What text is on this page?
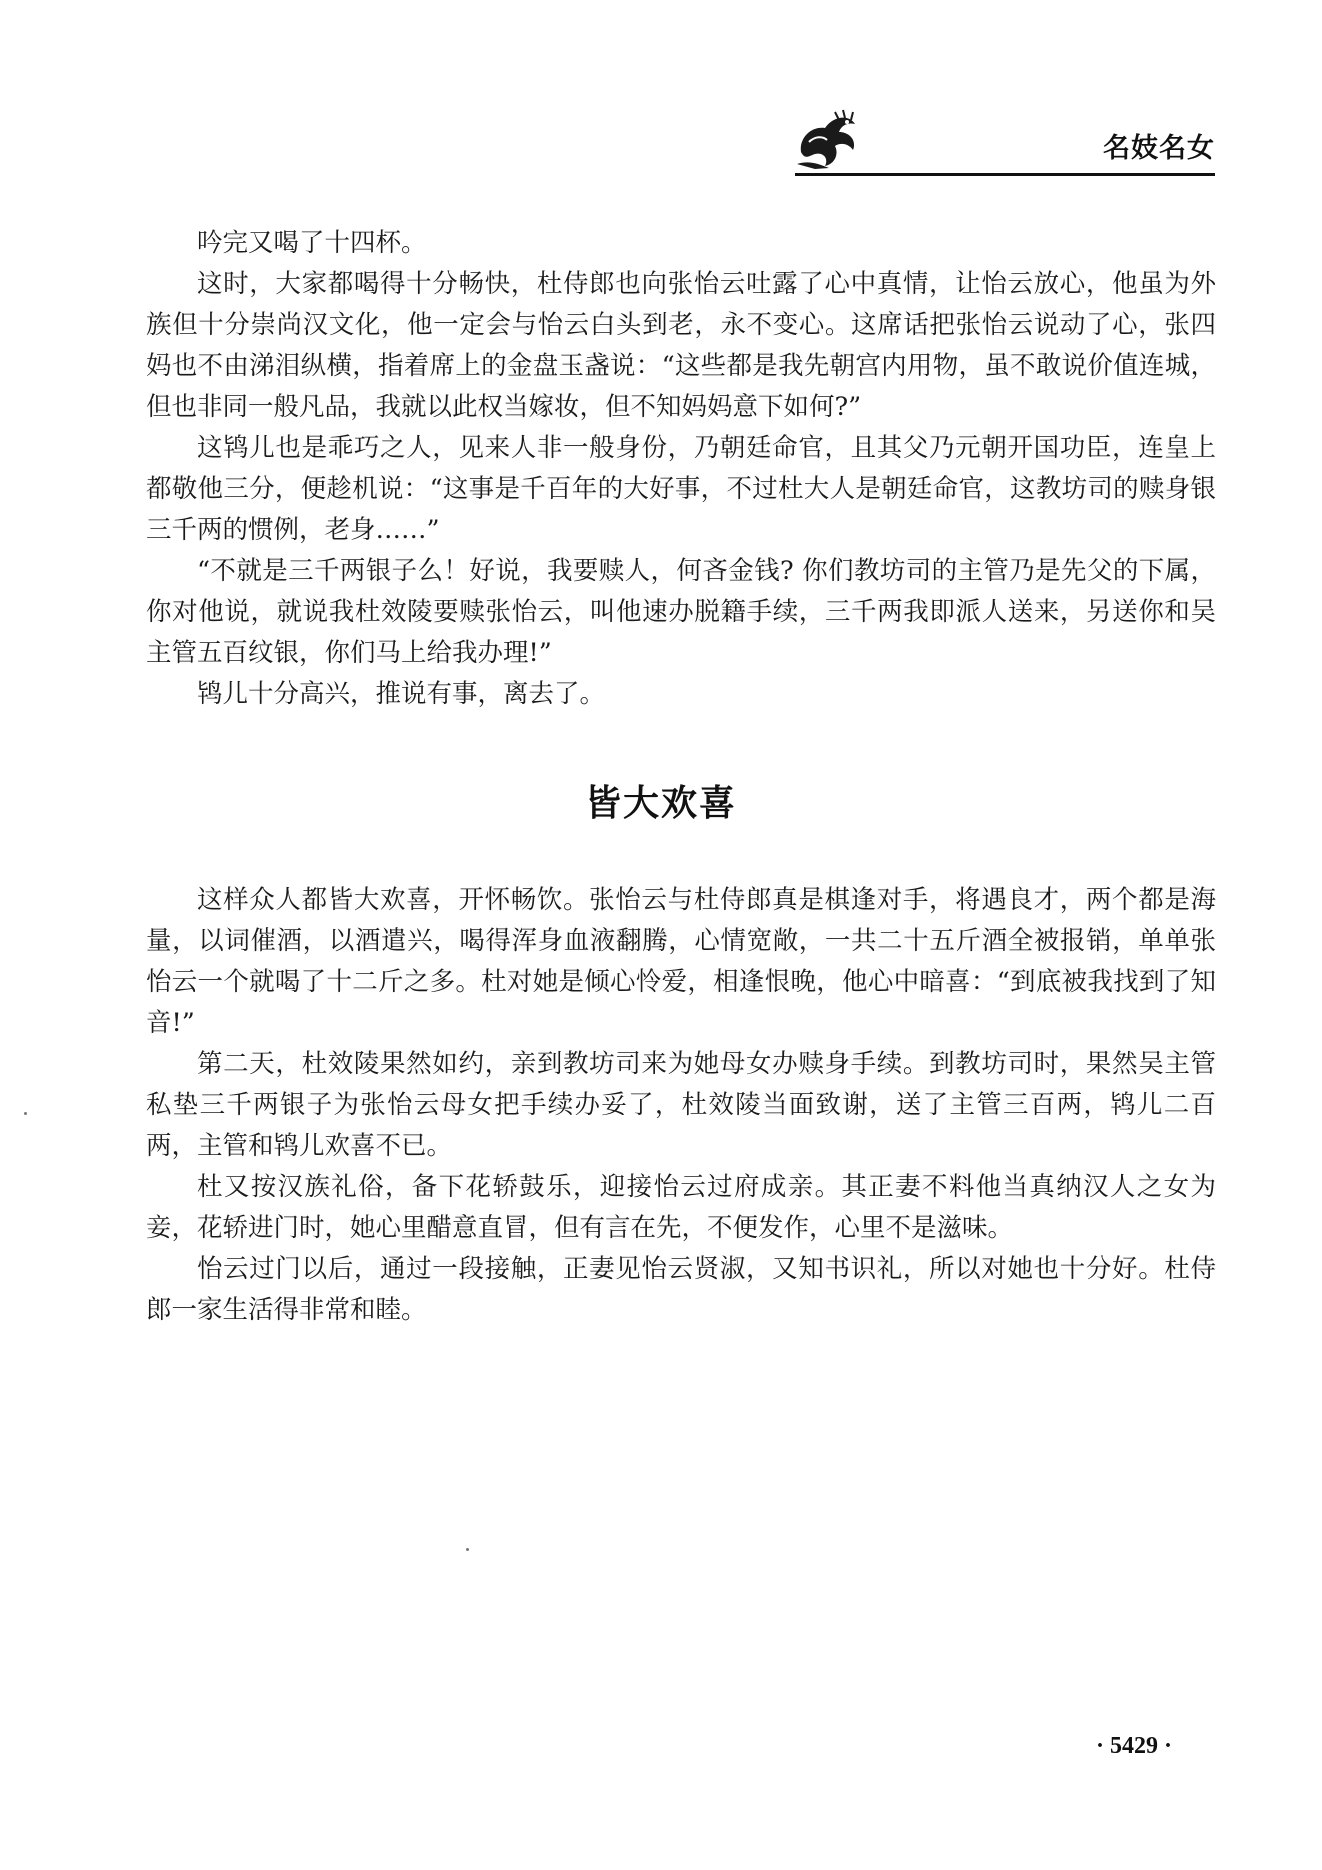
名妓名女

吟完又喝了十四杯。

这时，大家都喝得十分畅快，杜侍郎也向张怡云吐露了心中真情，让怡云放心，他虽为外族但十分崇尚汉文化，他一定会与怡云白头到老，永不变心。这席话把张怡云说动了心，张四妈也不由涕泪纵横，指着席上的金盘玉盏说：“这些都是我先朝宫内用物，虽不敢说价值连城，但也非同一般凡品，我就以此权当嫁妆，但不知妈妈意下如何?”

这鸨儿也是乖巧之人，见来人非一般身份，乃朝廷命官，且其父乃元朝开国功臣，连皇上都敬他三分，便趁机说：“这事是千百年的大好事，不过杜大人是朝廷命官，这教坊司的赎身银三千两的惯例，老身……”

“不就是三千两银子么！好说，我要赎人，何吝金钱? 你们教坊司的主管乃是先父的下属，你对他说，就说我杜效陵要赎张怡云，叫他速办脱籍手续，三千两我即派人送来，另送你和吴主管五百纹银，你们马上给我办理!”

鸨儿十分高兴，推说有事，离去了。

皆大欢喜

这样众人都皆大欢喜，开怀畅饮。张怡云与杜侍郎真是棋逢对手，将遇良才，两个都是海量，以词催酒，以酒遣兴，喝得浑身血液翻腾，心情宽敞，一共二十五斤酒全被报销，单单张怡云一个就喝了十二斤之多。杜对她是倾心怜爱，相逢恨晚，他心中暗喜：“到底被我找到了知音!”

第二天，杜效陵果然如约，亲到教坊司来为她母女办赎身手续。到教坊司时，果然吴主管私垫三千两银子为张怡云母女把手续办妥了，杜效陵当面致谢，送了主管三百两，鸨儿二百两，主管和鸨儿欢喜不已。

杜又按汉族礼俗，备下花轿鼓乐，迎接怡云过府成亲。其正妻不料他当真纳汉人之女为妾，花轿进门时，她心里醋意直冒，但有言在先，不便发作，心里不是滋味。

怡云过门以后，通过一段接触，正妻见怡云贤淑，又知书识礼，所以对她也十分好。杜侍郎一家生活得非常和睦。

· 5429 ·
